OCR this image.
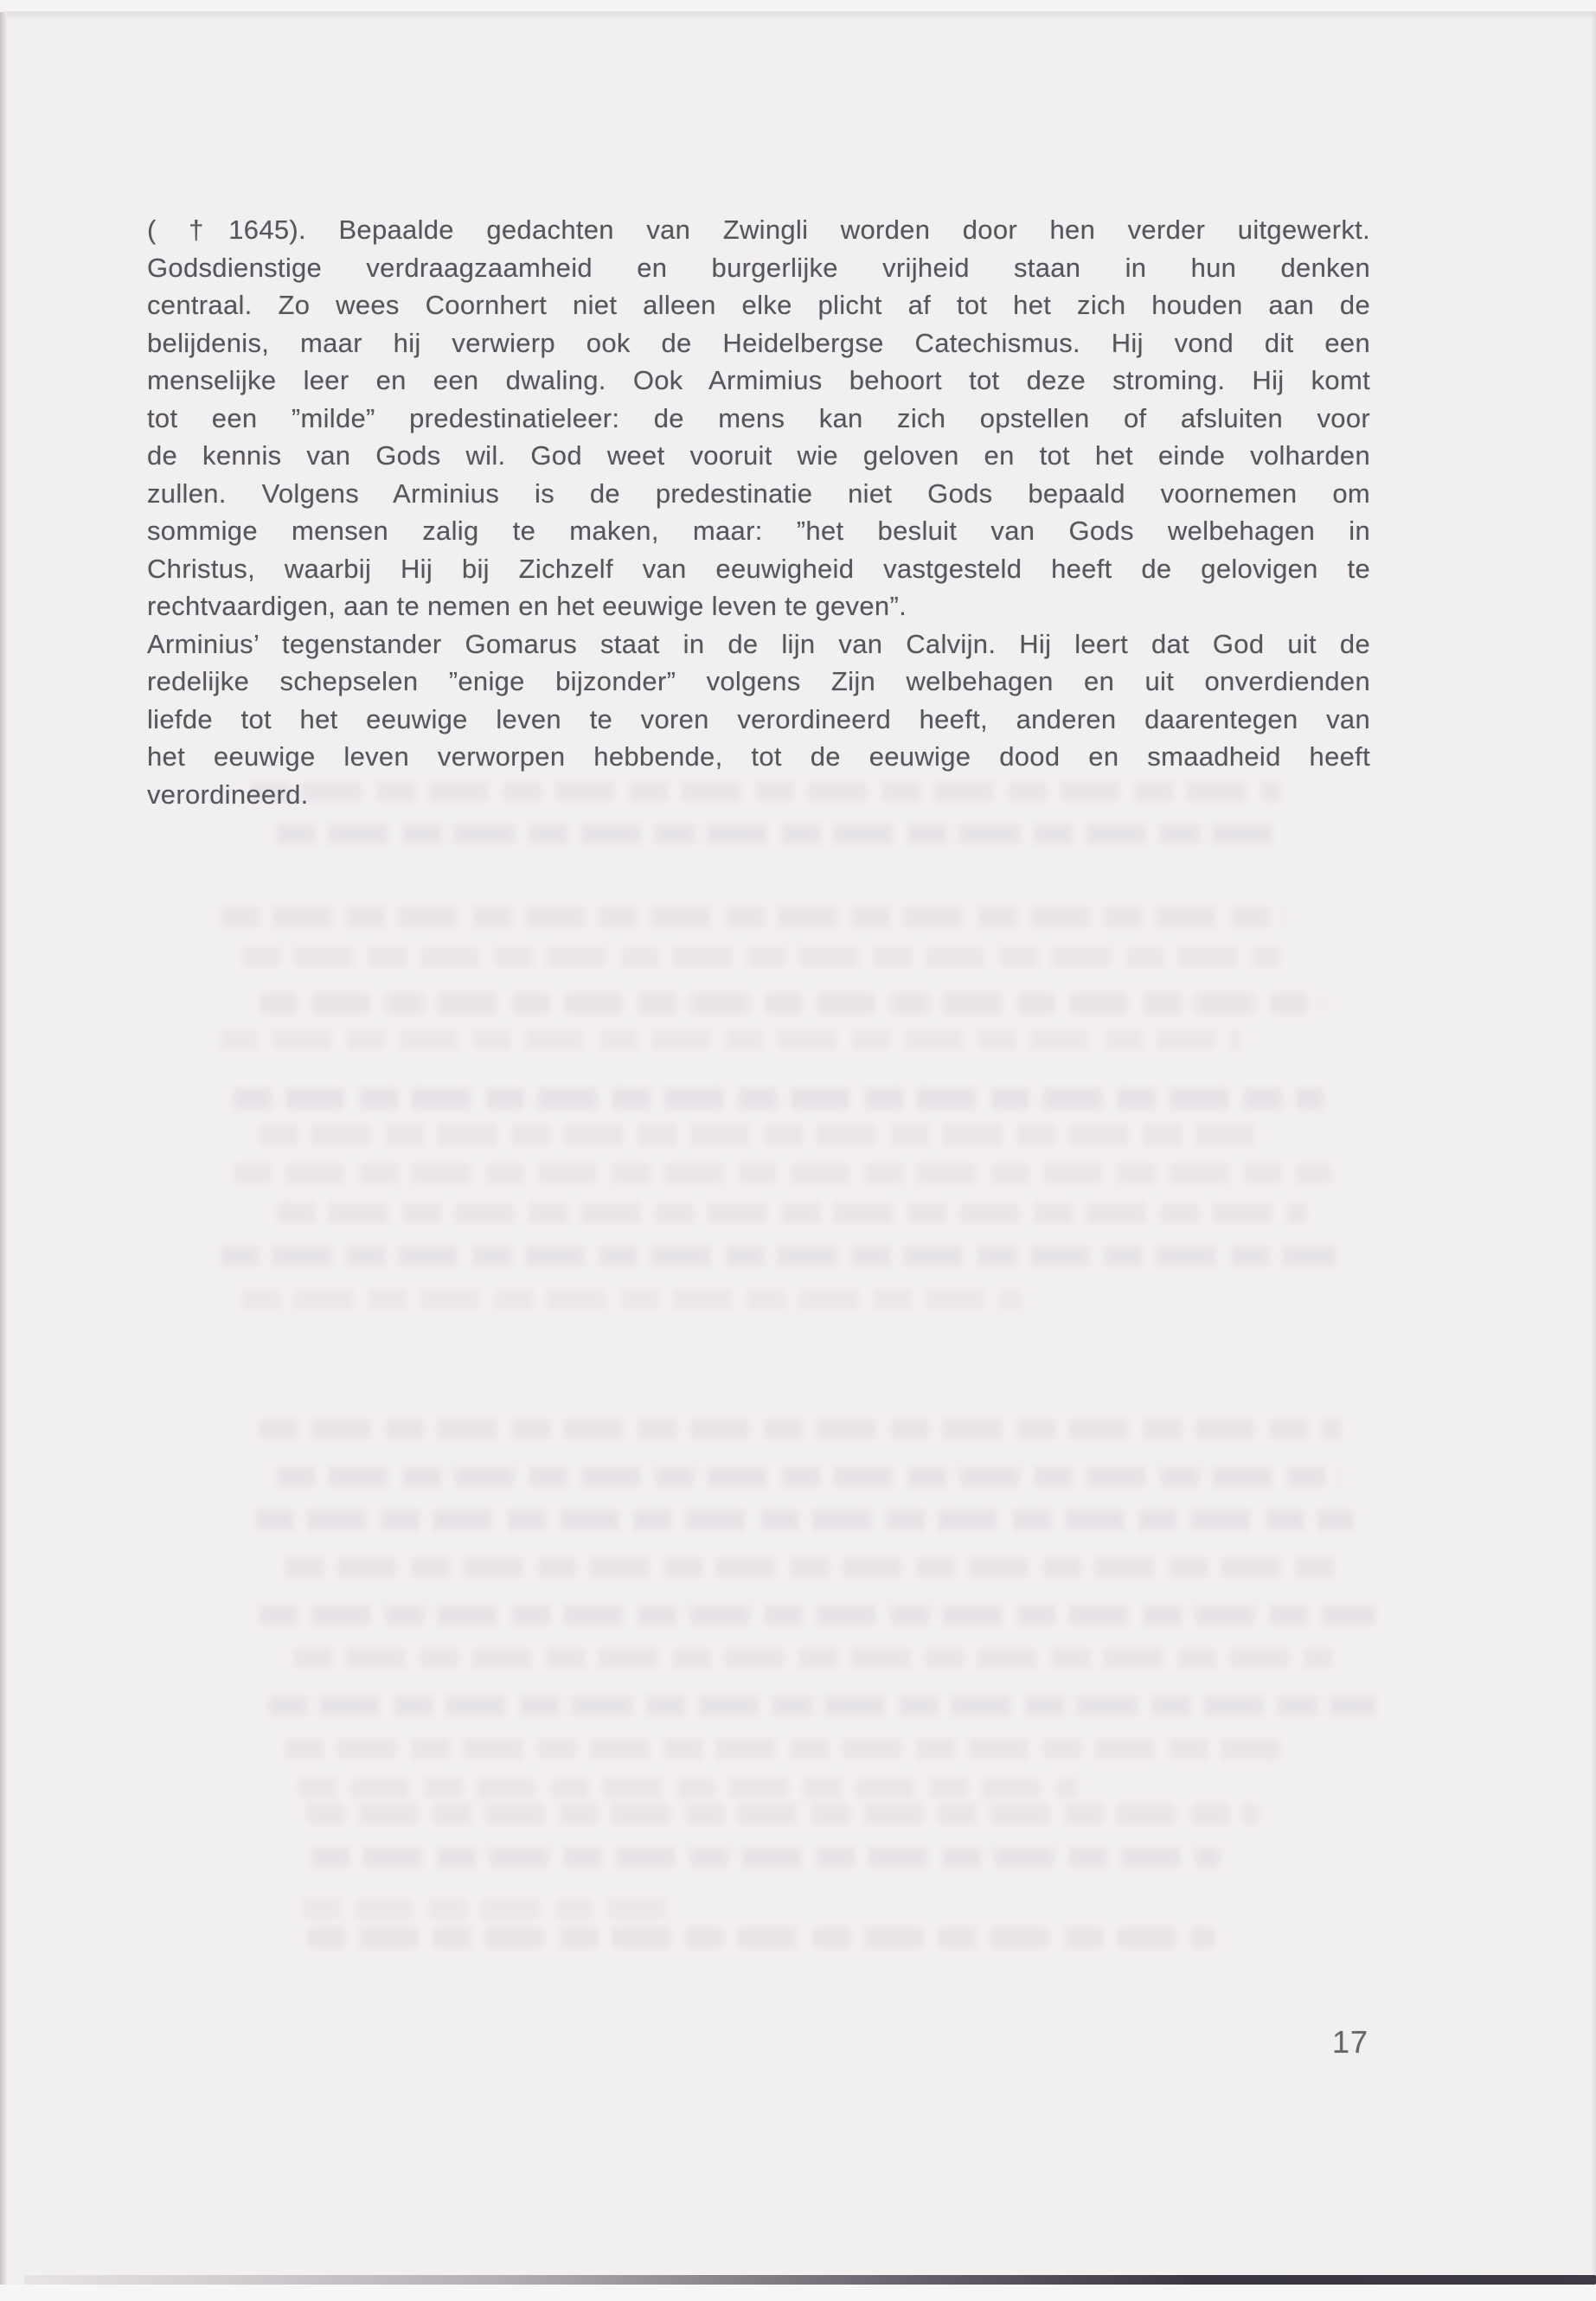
( †1645). Bepaalde gedachten van Zwingli worden door hen verder uitgewerkt.
Godsdienstige verdraagzaamheid en burgerlijke vrijheid staan in hun denken
centraal. Zo wees Coornhert niet alleen elke plicht af tot het zich houden aan de
belijdenis, maar hij verwierp ook de Heidelbergse Catechismus. Hij vond dit een
menselijke leer en een dwaling. Ook Armimius behoort tot deze stroming. Hij komt
tot een ”milde” predestinatieleer: de mens kan zich opstellen of afsluiten voor
de kennis van Gods wil. God weet vooruit wie geloven en tot het einde volharden
zullen. Volgens Arminius is de predestinatie niet Gods bepaald voornemen om
sommige mensen zalig te maken, maar: ”het besluit van Gods welbehagen in
Christus, waarbij Hij bij Zichzelf van eeuwigheid vastgesteld heeft de gelovigen te
rechtvaardigen, aan te nemen en het eeuwige leven te geven”.
Arminius’ tegenstander Gomarus staat in de lijn van Calvijn. Hij leert dat God uit de
redelijke schepselen ”enige bijzonder” volgens Zijn welbehagen en uit onverdienden
liefde tot het eeuwige leven te voren verordineerd heeft, anderen daarentegen van
het eeuwige leven verworpen hebbende, tot de eeuwige dood en smaadheid heeft
verordineerd.
17
